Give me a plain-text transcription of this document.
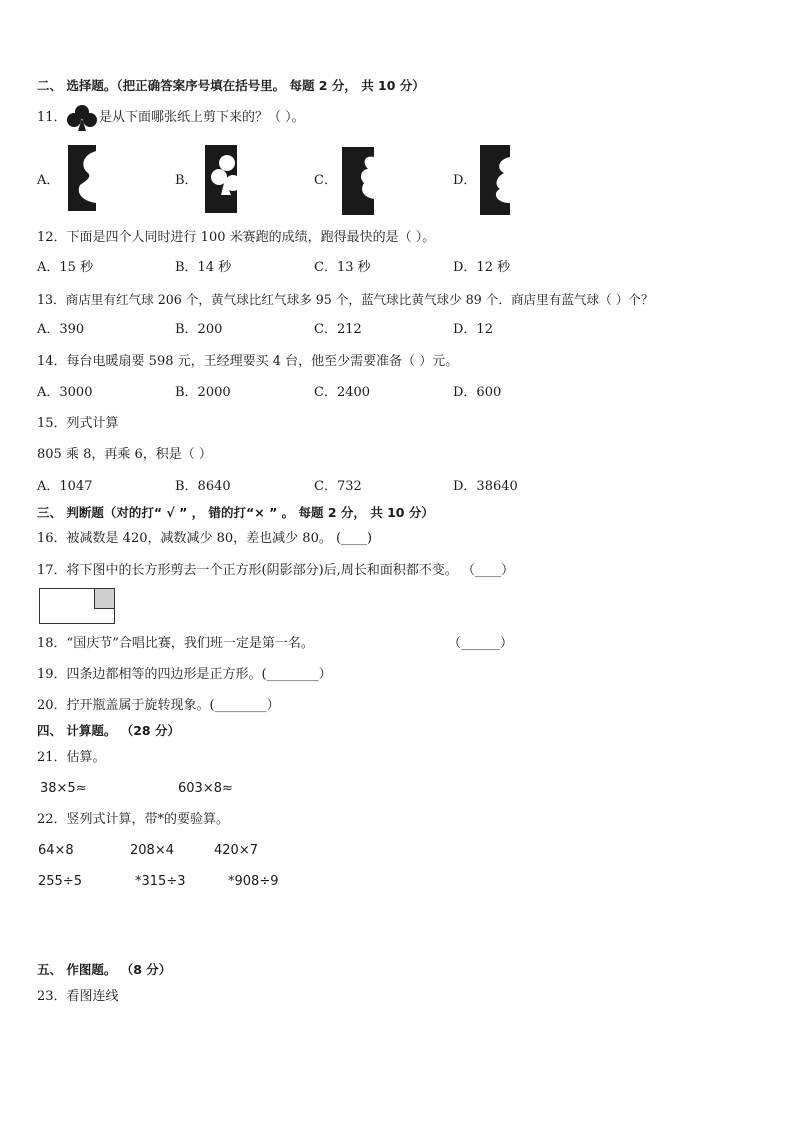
二、 选择题。（把正确答案序号填在括号里。 每题 2 分， 共 10 分）
11． 是从下面哪张纸上剪下来的？（ ）。
A．	B．	C．	D．
12．下面是四个人同时进行 100 米赛跑的成绩，跑得最快的是（ ）。
A．15 秒	B．14 秒	C．13 秒	D．12 秒
13．商店里有红气球 206 个，黄气球比红气球多 95 个，蓝气球比黄气球少 89 个．商店里有蓝气球（ ）个？
A．390	B．200	C．212	D．12
14．每台电暖扇要 598 元，王经理要买 4 台，他至少需要准备（ ）元。
A．3000	B．2000	C．2400	D．600
15．列式计算
805 乘 8，再乘 6，积是（ ）
A．1047	B．8640	C．732	D．38640
三、 判断题（对的打“ √ ” ， 错的打“× ” 。 每题 2 分， 共 10 分）
16．被减数是 420，减数减少 80，差也减少 80。 (____)
17．将下图中的长方形剪去一个正方形(阴影部分)后,周长和面积都不变。 （____）
18．“国庆节”合唱比赛，我们班一定是第一名。	（______）
19．四条边都相等的四边形是正方形。(________）
20．拧开瓶盖属于旋转现象。(________）
四、 计算题。 （28 分）
21．估算。
38×5≈	603×8≈
22．竖列式计算，带*的要验算。
64×8	208×4	420×7
255÷5	*315÷3	*908÷9
五、 作图题。 （8 分）
23．看图连线
